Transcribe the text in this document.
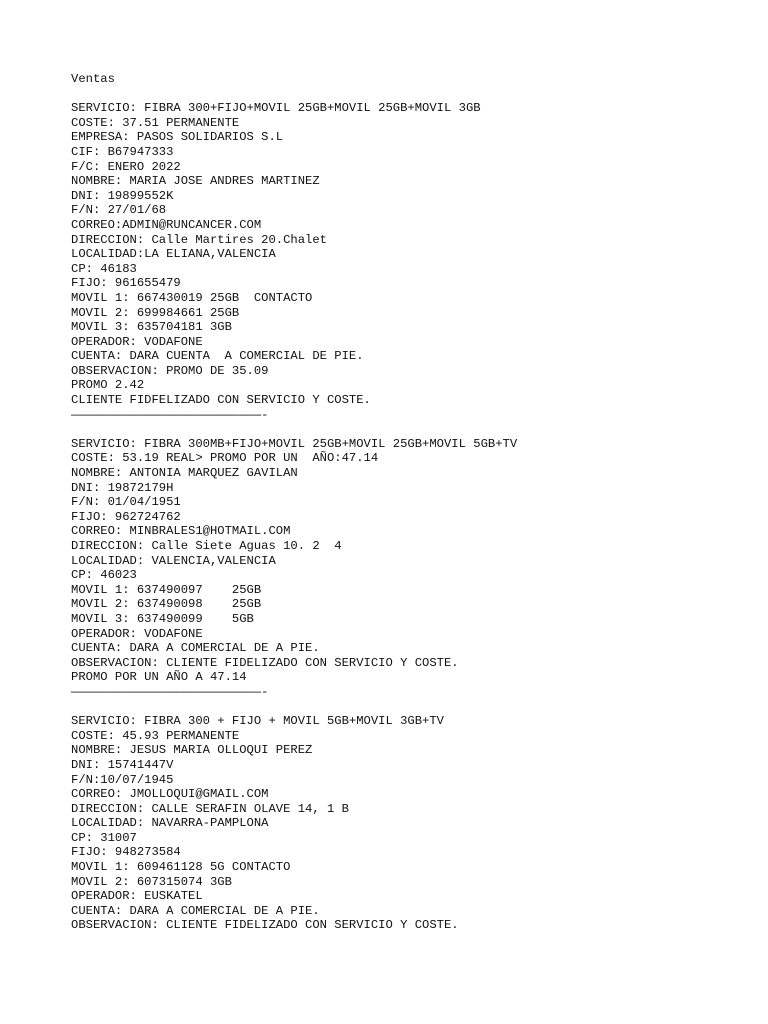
Ventas
SERVICIO: FIBRA 300+FIJO+MOVIL 25GB+MOVIL 25GB+MOVIL 3GB
COSTE: 37.51 PERMANENTE
EMPRESA: PASOS SOLIDARIOS S.L
CIF: B67947333
F/C: ENERO 2022
NOMBRE: MARIA JOSE ANDRES MARTINEZ
DNI: 19899552K
F/N: 27/01/68
CORREO:ADMIN@RUNCANCER.COM
DIRECCION: Calle Martires 20.Chalet
LOCALIDAD:LA ELIANA,VALENCIA
CP: 46183
FIJO: 961655479
MOVIL 1: 667430019 25GB  CONTACTO
MOVIL 2: 699984661 25GB
MOVIL 3: 635704181 3GB
OPERADOR: VODAFONE
CUENTA: DARA CUENTA  A COMERCIAL DE PIE.
OBSERVACION: PROMO DE 35.09
PROMO 2.42
CLIENTE FIDFELIZADO CON SERVICIO Y COSTE.
——————————————————————————-
SERVICIO: FIBRA 300MB+FIJO+MOVIL 25GB+MOVIL 25GB+MOVIL 5GB+TV
COSTE: 53.19 REAL> PROMO POR UN  AÑO:47.14
NOMBRE: ANTONIA MARQUEZ GAVILAN
DNI: 19872179H
F/N: 01/04/1951
FIJO: 962724762
CORREO: MINBRALES1@HOTMAIL.COM
DIRECCION: Calle Siete Aguas 10. 2  4
LOCALIDAD: VALENCIA,VALENCIA
CP: 46023
MOVIL 1: 637490097    25GB
MOVIL 2: 637490098    25GB
MOVIL 3: 637490099    5GB
OPERADOR: VODAFONE
CUENTA: DARA A COMERCIAL DE A PIE.
OBSERVACION: CLIENTE FIDELIZADO CON SERVICIO Y COSTE.
PROMO POR UN AÑO A 47.14
——————————————————————————-
SERVICIO: FIBRA 300 + FIJO + MOVIL 5GB+MOVIL 3GB+TV
COSTE: 45.93 PERMANENTE
NOMBRE: JESUS MARIA OLLOQUI PEREZ
DNI: 15741447V
F/N:10/07/1945
CORREO: JMOLLOQUI@GMAIL.COM
DIRECCION: CALLE SERAFIN OLAVE 14, 1 B
LOCALIDAD: NAVARRA-PAMPLONA
CP: 31007
FIJO: 948273584
MOVIL 1: 609461128 5G CONTACTO
MOVIL 2: 607315074 3GB
OPERADOR: EUSKATEL
CUENTA: DARA A COMERCIAL DE A PIE.
OBSERVACION: CLIENTE FIDELIZADO CON SERVICIO Y COSTE.
